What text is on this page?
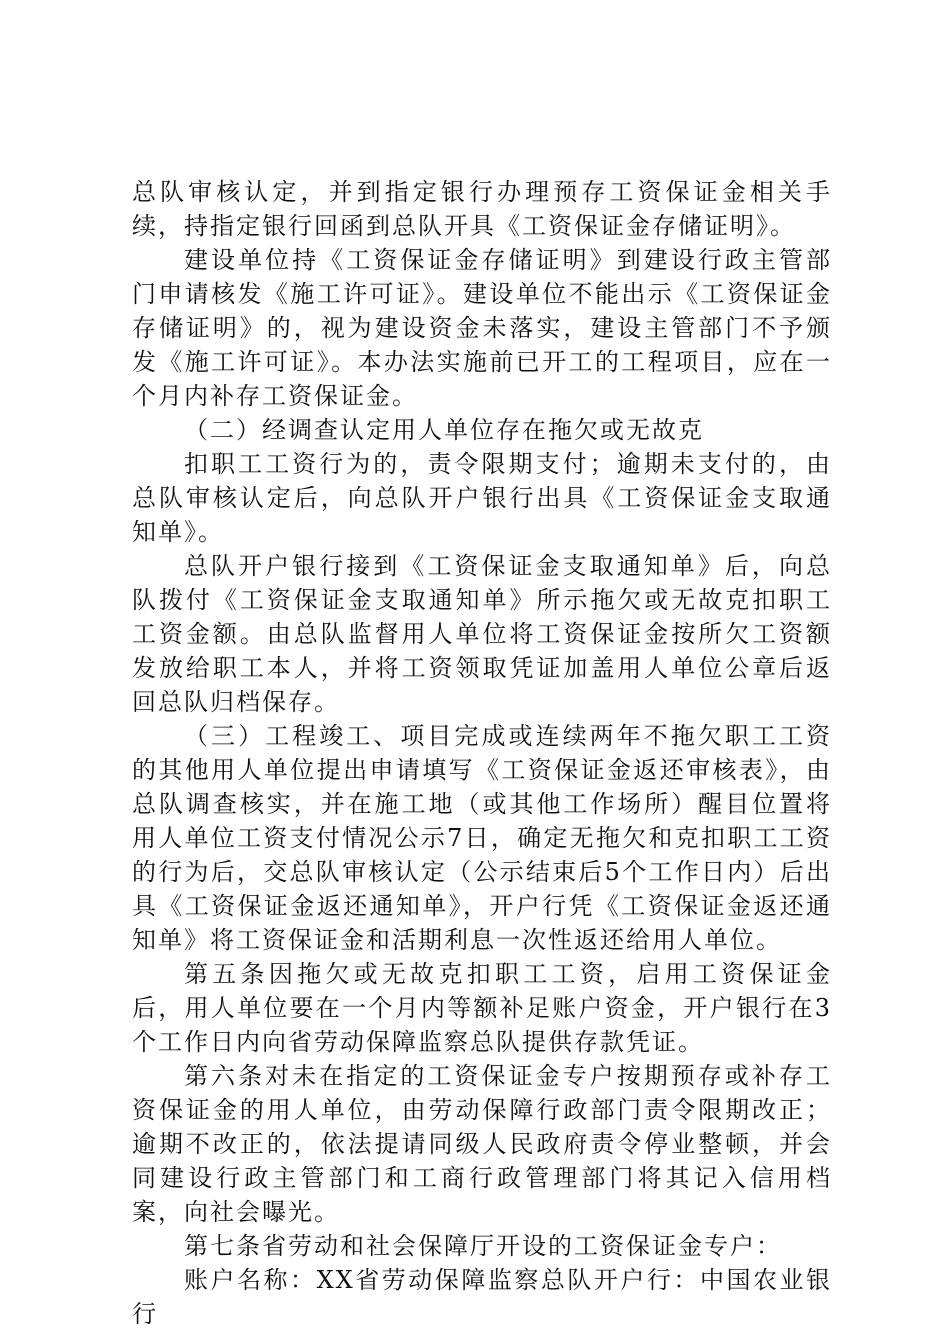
总队审核认定，并到指定银行办理预存工资保证金相关手续，持指定银行回函到总队开具《工资保证金存储证明》。

建设单位持《工资保证金存储证明》到建设行政主管部门申请核发《施工许可证》。建设单位不能出示《工资保证金存储证明》的，视为建设资金未落实，建设主管部门不予颁发《施工许可证》。本办法实施前已开工的工程项目，应在一个月内补存工资保证金。

（二）经调查认定用人单位存在拖欠或无故克

扣职工工资行为的，责令限期支付；逾期未支付的，由总队审核认定后，向总队开户银行出具《工资保证金支取通知单》。

总队开户银行接到《工资保证金支取通知单》后，向总队拨付《工资保证金支取通知单》所示拖欠或无故克扣职工工资金额。由总队监督用人单位将工资保证金按所欠工资额发放给职工本人，并将工资领取凭证加盖用人单位公章后返回总队归档保存。

（三）工程竣工、项目完成或连续两年不拖欠职工工资的其他用人单位提出申请填写《工资保证金返还审核表》，由总队调查核实，并在施工地（或其他工作场所）醒目位置将用人单位工资支付情况公示7日，确定无拖欠和克扣职工工资的行为后，交总队审核认定（公示结束后5个工作日内）后出具《工资保证金返还通知单》，开户行凭《工资保证金返还通知单》将工资保证金和活期利息一次性返还给用人单位。

第五条因拖欠或无故克扣职工工资，启用工资保证金后，用人单位要在一个月内等额补足账户资金，开户银行在3个工作日内向省劳动保障监察总队提供存款凭证。

第六条对未在指定的工资保证金专户按期预存或补存工资保证金的用人单位，由劳动保障行政部门责令限期改正；逾期不改正的，依法提请同级人民政府责令停业整顿，并会同建设行政主管部门和工商行政管理部门将其记入信用档案，向社会曝光。

第七条省劳动和社会保障厅开设的工资保证金专户：

账户名称：XX省劳动保障监察总队开户行：中国农业银行
